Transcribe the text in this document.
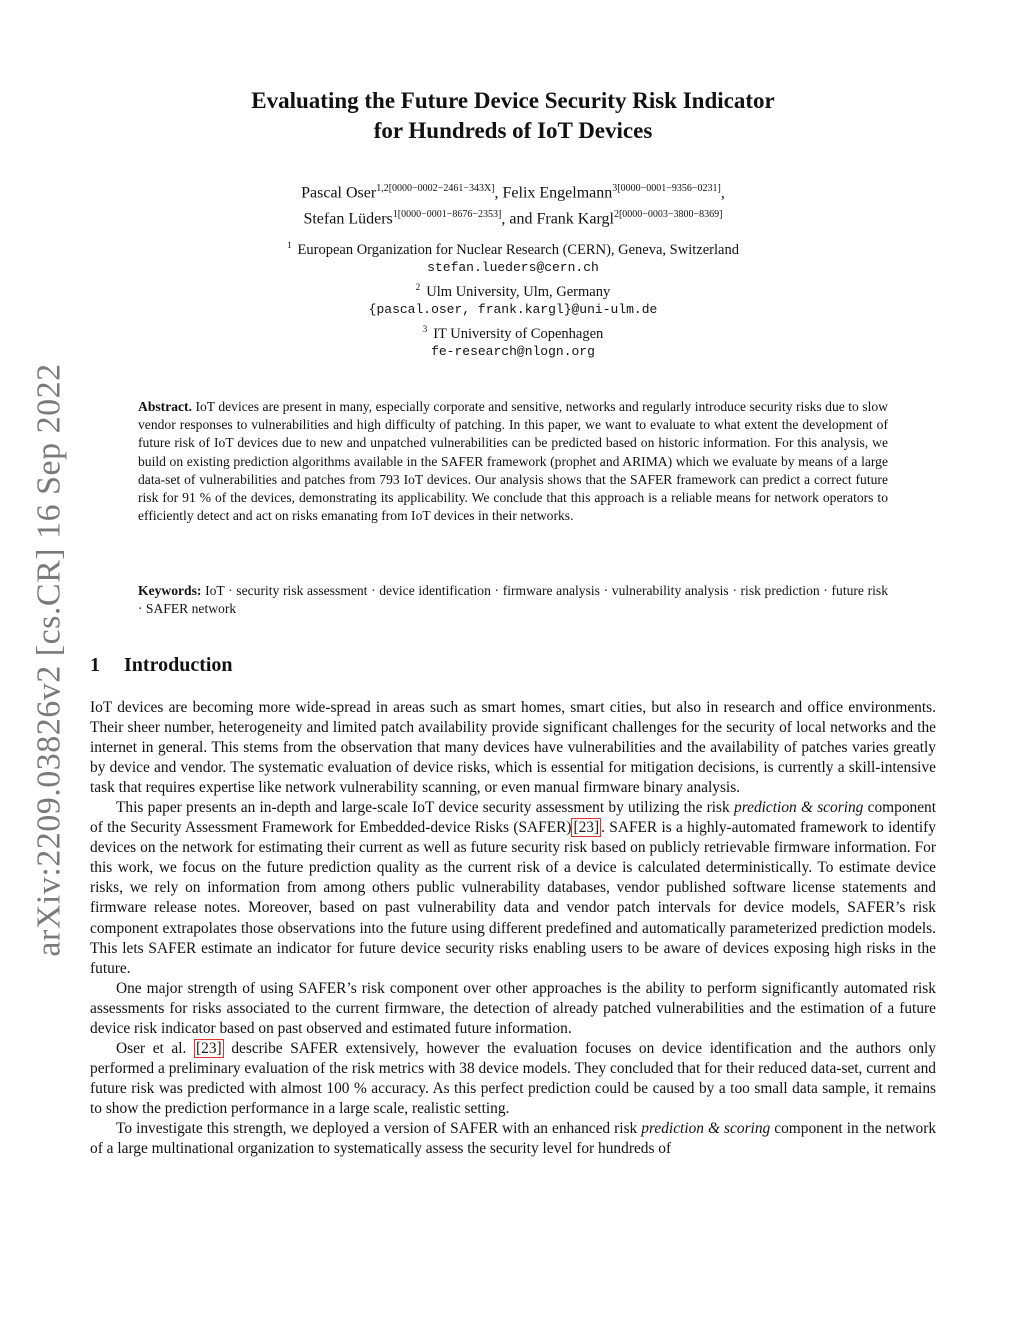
arXiv:2209.03826v2 [cs.CR] 16 Sep 2022
Evaluating the Future Device Security Risk Indicator
for Hundreds of IoT Devices
Pascal Oser$^{1,2[0000-0002-2461-343X]}$, Felix Engelmann$^{3[0000-0001-9356-0231]}$,
Stefan Lüders$^{1[0000-0001-8676-2353]}$, and Frank Kargl$^{2[0000-0003-3800-8369]}$
$^1$ European Organization for Nuclear Research (CERN), Geneva, Switzerland
stefan.lueders@cern.ch
$^2$ Ulm University, Ulm, Germany
{pascal.oser, frank.kargl}@uni-ulm.de
$^3$ IT University of Copenhagen
fe-research@nlogn.org
Abstract. IoT devices are present in many, especially corporate and sensitive, networks and regularly introduce security risks due to slow vendor responses to vulnerabilities and high difficulty of patching. In this paper, we want to evaluate to what extent the development of future risk of IoT devices due to new and unpatched vulnerabilities can be predicted based on historic information. For this analysis, we build on existing prediction algorithms available in the SAFER framework (prophet and ARIMA) which we evaluate by means of a large data-set of vulnerabilities and patches from 793 IoT devices. Our analysis shows that the SAFER framework can predict a correct future risk for 91 % of the devices, demonstrating its applicability. We conclude that this approach is a reliable means for network operators to efficiently detect and act on risks emanating from IoT devices in their networks.
Keywords: IoT · security risk assessment · device identification · firmware analysis · vulnerability analysis · risk prediction · future risk · SAFER network
1 Introduction

IoT devices are becoming more wide-spread in areas such as smart homes, smart cities, but also in research and office environments. Their sheer number, heterogeneity and limited patch availability provide significant challenges for the security of local networks and the internet in general. This stems from the observation that many devices have vulnerabilities and the availability of patches varies greatly by device and vendor. The systematic evaluation of device risks, which is essential for mitigation decisions, is currently a skill-intensive task that requires expertise like network vulnerability scanning, or even manual firmware binary analysis.

This paper presents an in-depth and large-scale IoT device security assessment by utilizing the risk prediction & scoring component of the Security Assessment Framework for Embedded-device Risks (SAFER) [23] . SAFER is a highly-automated framework to identify devices on the network for estimating their current as well as future security risk based on publicly retrievable firmware information. For this work, we focus on the future prediction quality as the current risk of a device is calculated deterministically. To estimate device risks, we rely on information from among others public vulnerability databases, vendor published software license statements and firmware release notes. Moreover, based on past vulnerability data and vendor patch intervals for device models, SAFER’s risk component extrapolates those observations into the future using different predefined and automatically parameterized prediction models. This lets SAFER estimate an indicator for future device security risks enabling users to be aware of devices exposing high risks in the future.

One major strength of using SAFER’s risk component over other approaches is the ability to perform significantly automated risk assessments for risks associated to the current firmware, the detection of already patched vulnerabilities and the estimation of a future device risk indicator based on past observed and estimated future information.

Oser et al. [23] describe SAFER extensively, however the evaluation focuses on device identification and the authors only performed a preliminary evaluation of the risk metrics with 38 device models. They concluded that for their reduced data-set, current and future risk was predicted with almost 100 % accuracy. As this perfect prediction could be caused by a too small data sample, it remains to show the prediction performance in a large scale, realistic setting.

To investigate this strength, we deployed a version of SAFER with an enhanced risk prediction & scoring component in the network of a large multinational organization to systematically assess the security level for hundreds of
